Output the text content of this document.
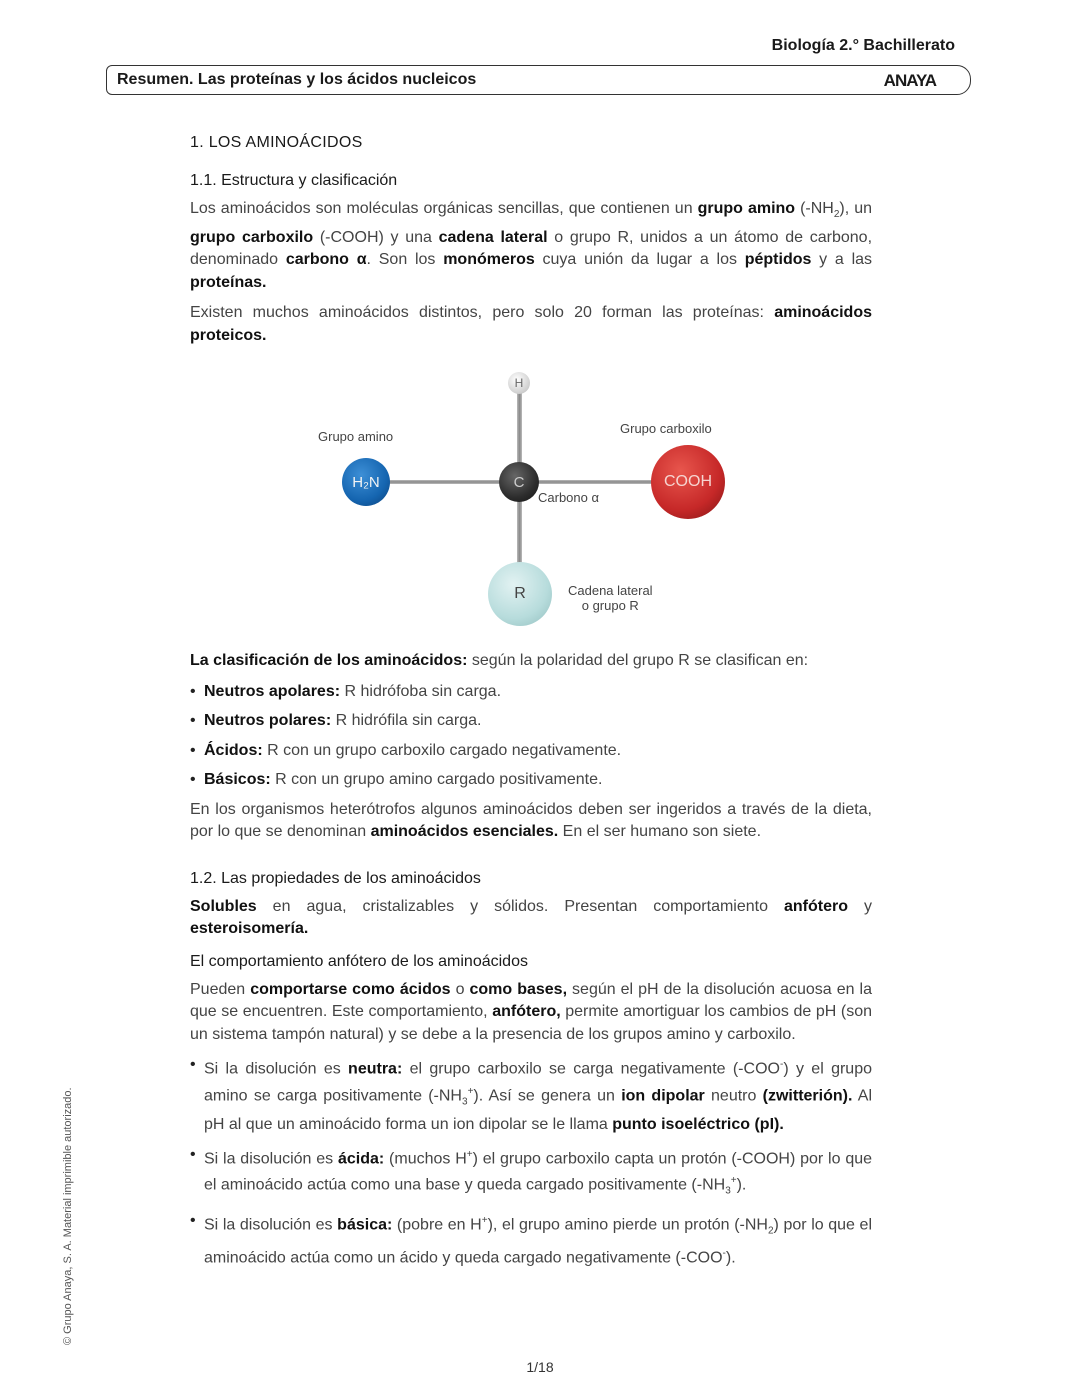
Biología 2.° Bachillerato
Resumen. Las proteínas y los ácidos nucleicos	ANAYA
1. LOS AMINOÁCIDOS
1.1. Estructura y clasificación

Los aminoácidos son moléculas orgánicas sencillas, que contienen un grupo amino $(-NH_2)$, un grupo carboxilo (-COOH) y una cadena lateral o grupo R, unidos a un átomo de carbono, denominado carbono α. Son los monómeros cuya unión da lugar a los péptidos y a las proteínas.

Existen muchos aminoácidos distintos, pero solo 20 forman las proteínas: aminoácidos proteicos.

H
H₂N	C	COOH
R
Grupo amino
Grupo carboxilo
Carbono α
Cadena lateral
o grupo R

La clasificación de los aminoácidos: según la polaridad del grupo R se clasifican en:

• Neutros apolares: R hidrófoba sin carga.
• Neutros polares: R hidrófila sin carga.
• Ácidos: R con un grupo carboxilo cargado negativamente.
• Básicos: R con un grupo amino cargado positivamente.

En los organismos heterótrofos algunos aminoácidos deben ser ingeridos a través de la dieta, por lo que se denominan aminoácidos esenciales. En el ser humano son siete.

1.2. Las propiedades de los aminoácidos

Solubles en agua, cristalizables y sólidos. Presentan comportamiento anfótero y esteroisomería.

El comportamiento anfótero de los aminoácidos

Pueden comportarse como ácidos o como bases, según el pH de la disolución acuosa en la que se encuentren. Este comportamiento, anfótero, permite amortiguar los cambios de pH (son un sistema tampón natural) y se debe a la presencia de los grupos amino y carboxilo.

• Si la disolución es neutra: el grupo carboxilo se carga negativamente (-COO-) y el grupo amino se carga positivamente $(-NH_3^+)$. Así se genera un ion dipolar neutro (zwitterión). Al pH al que un aminoácido forma un ion dipolar se le llama punto isoeléctrico (pI).
• Si la disolución es ácida: (muchos H+) el grupo carboxilo capta un protón (-COOH) por lo que el aminoácido actúa como una base y queda cargado positivamente $(-NH_3^+)$.
• Si la disolución es básica: (pobre en H+), el grupo amino pierde un protón $(-NH_2)$ por lo que el aminoácido actúa como un ácido y queda cargado negativamente (-COO-).
1/18
© Grupo Anaya, S. A. Material imprimible autorizado.
